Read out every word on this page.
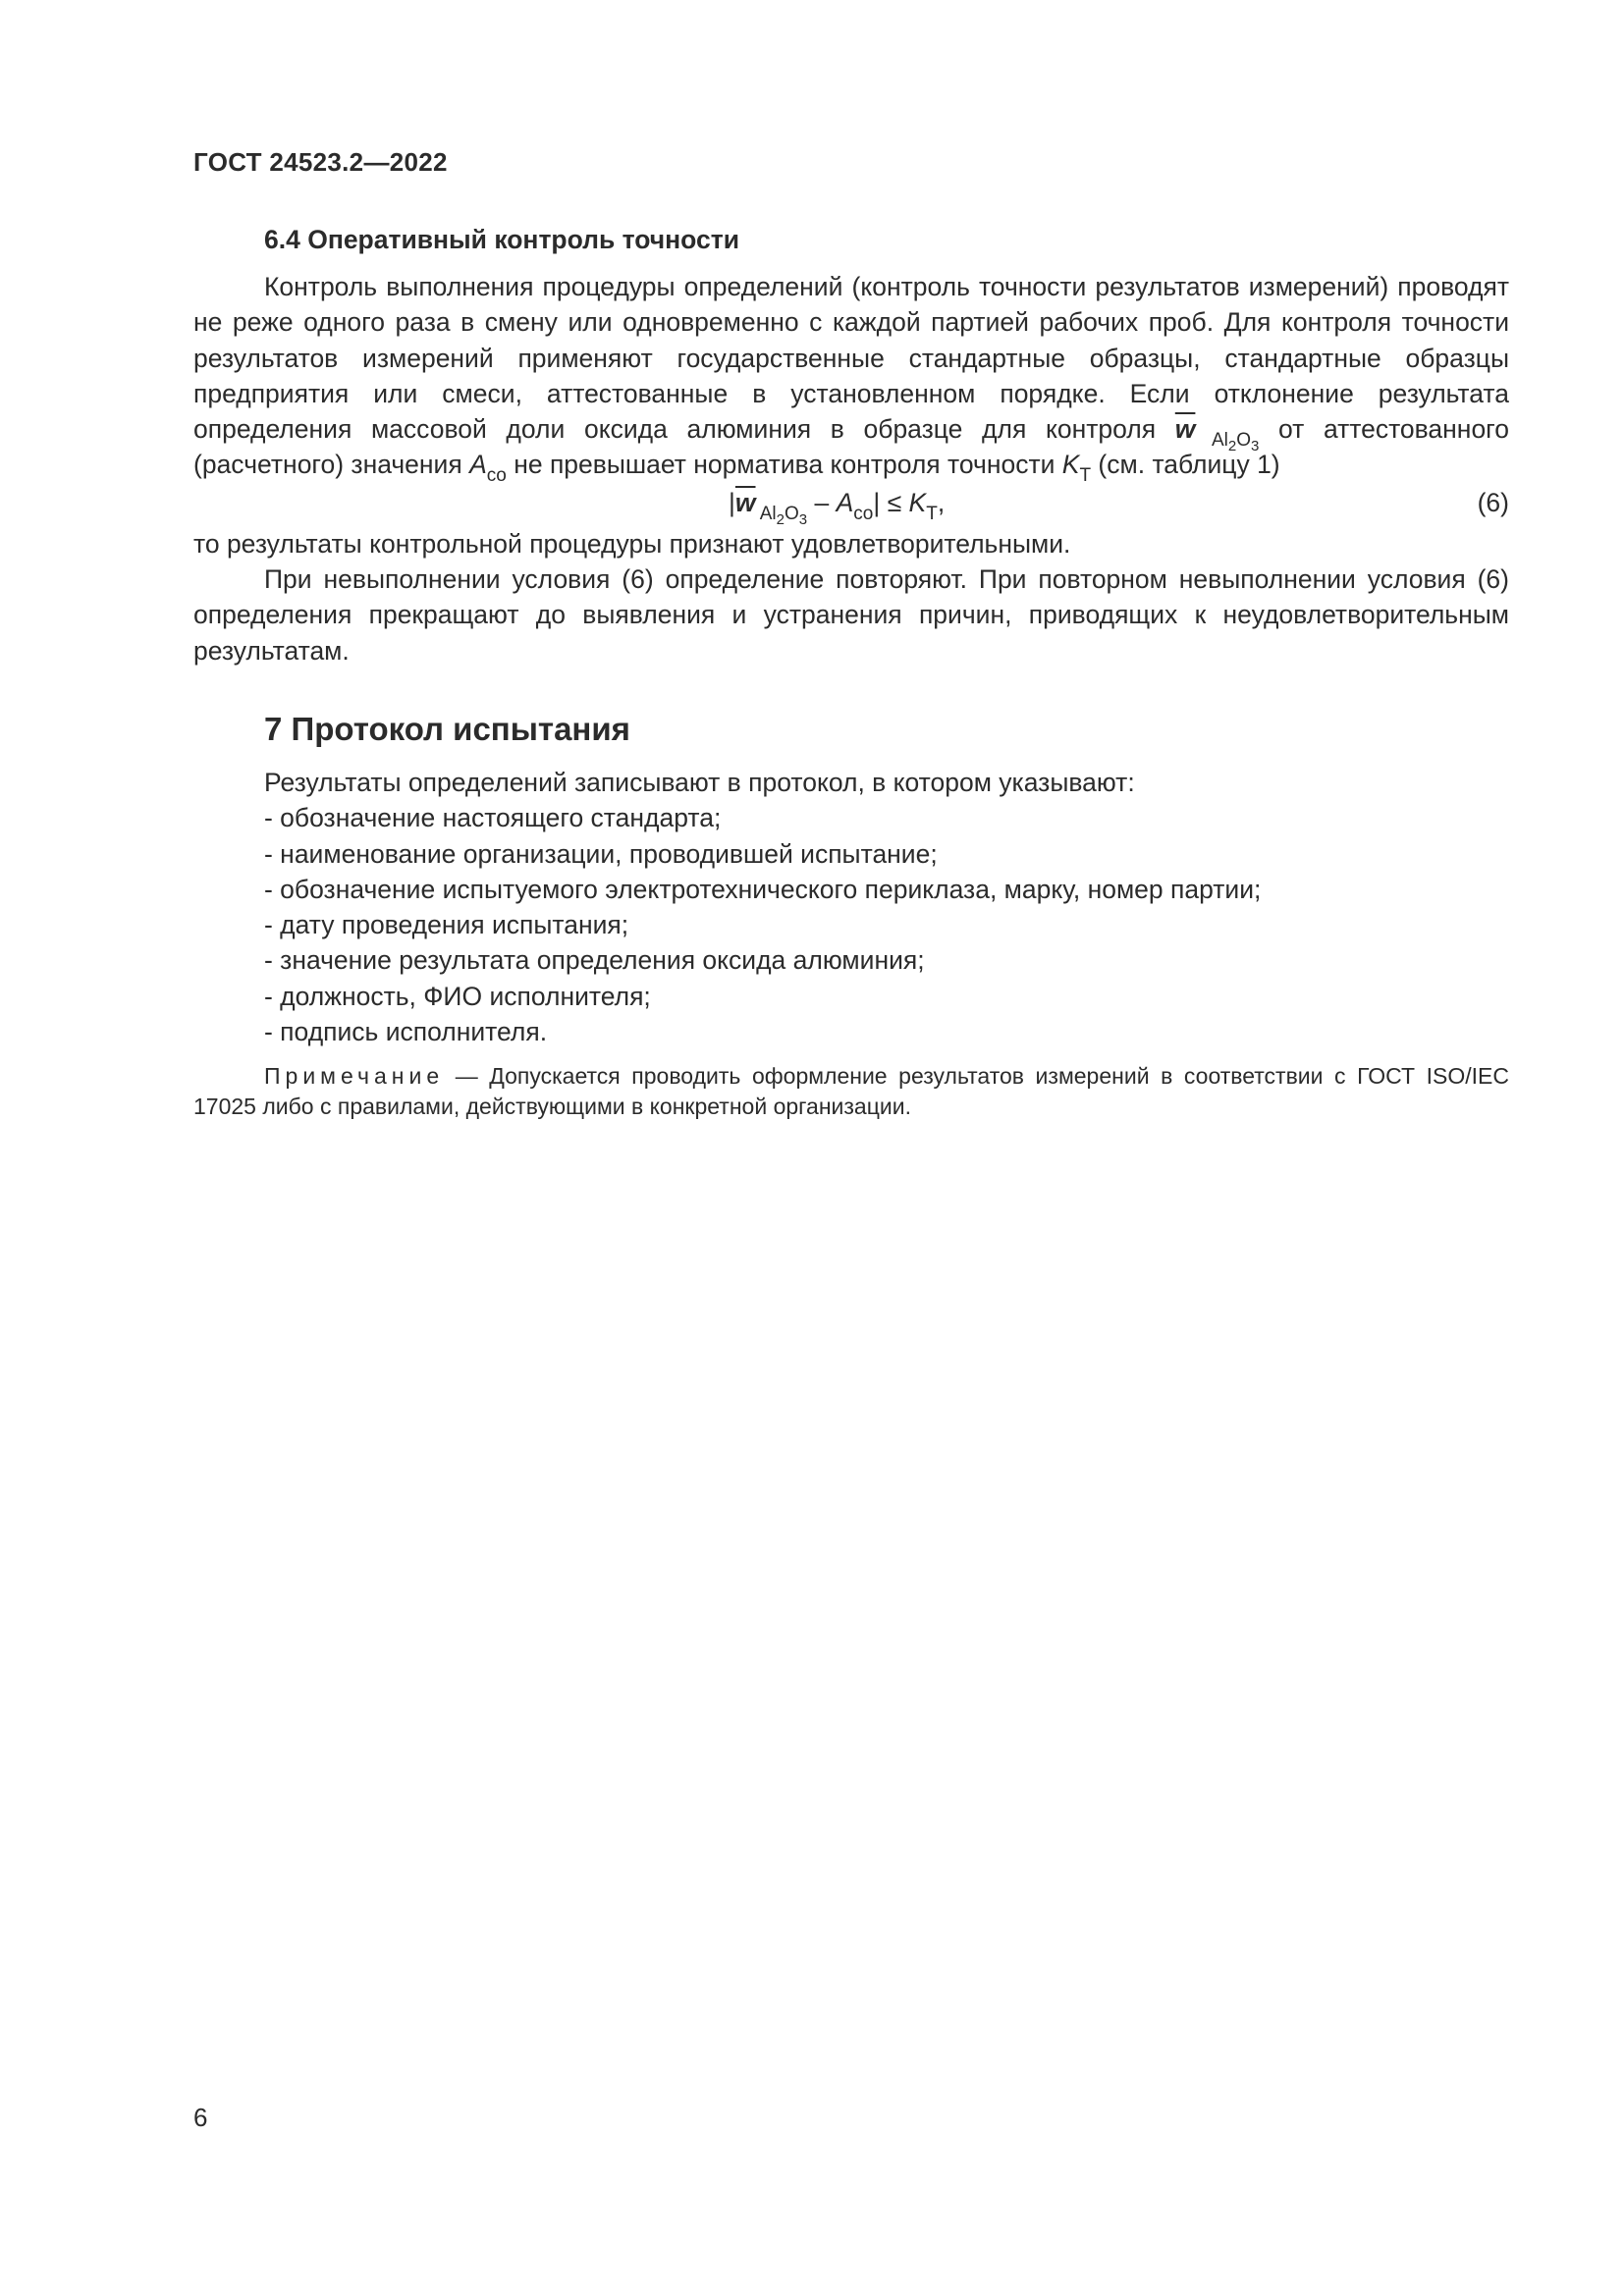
ГОСТ 24523.2—2022
6.4 Оперативный контроль точности

Контроль выполнения процедуры определений (контроль точности результатов измерений) проводят не реже одного раза в смену или одновременно с каждой партией рабочих проб. Для контроля точности результатов измерений применяют государственные стандартные образцы, стандартные образцы предприятия или смеси, аттестованные в установленном порядке. Если отклонение результата определения массовой доли оксида алюминия в образце для контроля $\overline{w}$ $_{Al_2O_3}$ от аттестованного (расчетного) значения $A_{co}$ не превышает норматива контроля точности $K_Т$ (см. таблицу 1)

$|\overline{w}$ $_{Al_2O_3} - A_{co}| \le K_Т$,	(6)

то результаты контрольной процедуры признают удовлетворительными.

При невыполнении условия (6) определение повторяют. При повторном невыполнении условия (6) определения прекращают до выявления и устранения причин, приводящих к неудовлетворительным результатам.

7 Протокол испытания
Результаты определений записывают в протокол, в котором указывают:
- обозначение настоящего стандарта;
- наименование организации, проводившей испытание;
- обозначение испытуемого электротехнического периклаза, марку, номер партии;
- дату проведения испытания;
- значение результата определения оксида алюминия;
- должность, ФИО исполнителя;
- подпись исполнителя.

Примечание — Допускается проводить оформление результатов измерений в соответствии с ГОСТ ISO/IEC 17025 либо с правилами, действующими в конкретной организации.

6
